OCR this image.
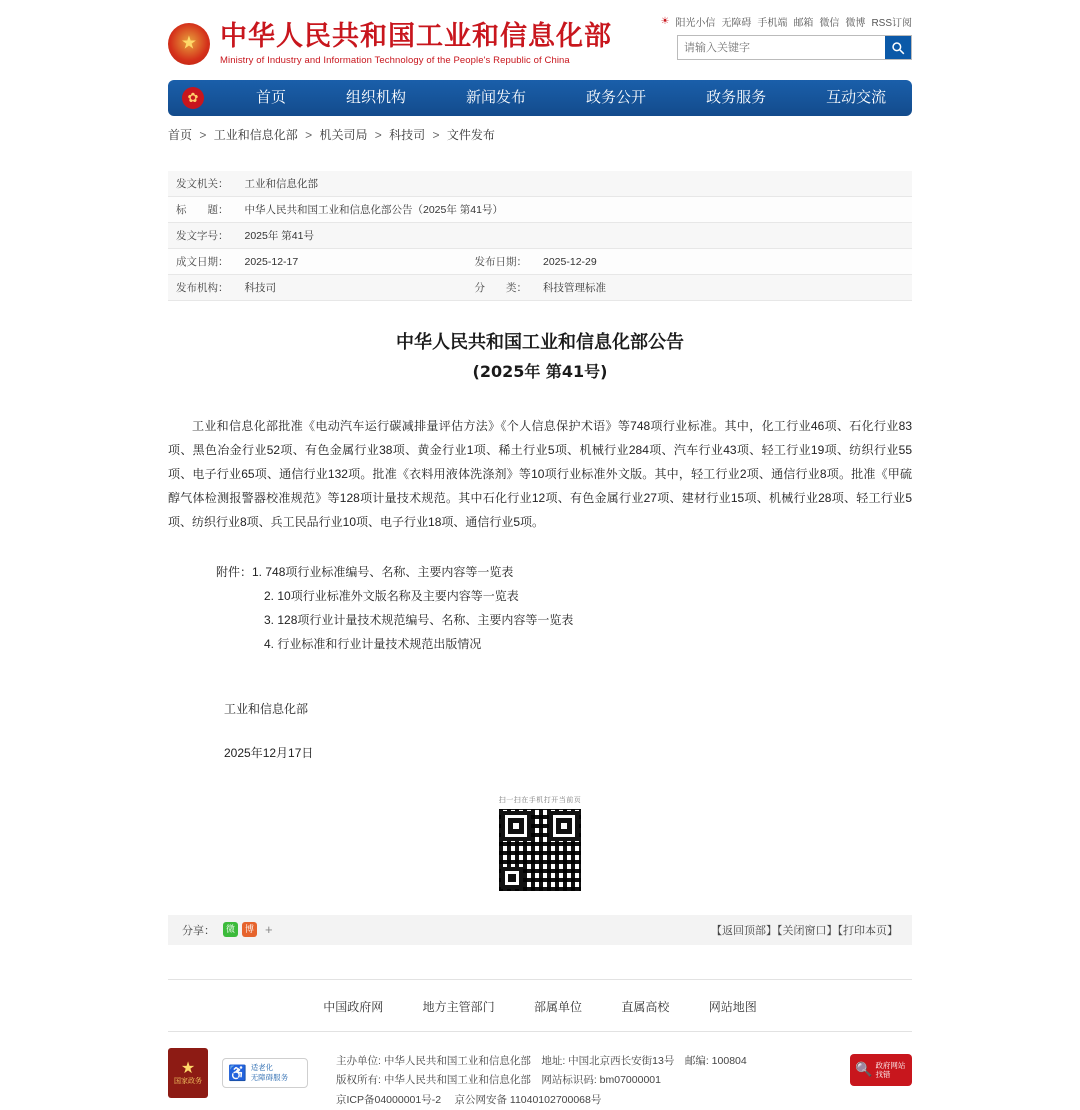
★
中华人民共和国工业和信息化部
Ministry of Industry and Information Technology of the People's Republic of China
☀ 阳光小信 无障碍 手机端 邮箱 微信 微博 RSS订阅
请输入关键字
✿	首页	组织机构	新闻发布	政务公开	政务服务	互动交流	工信数据
首页 > 工业和信息化部 > 机关司局 > 科技司 > 文件发布
发文机关：	工业和信息化部		
标　　题：	中华人民共和国工业和信息化部公告（2025年 第41号）		
发文字号：	2025年 第41号		
成文日期：	2025-12-17	发布日期：	2025-12-29
发布机构：	科技司	分　　类：	科技管理标准
中华人民共和国工业和信息化部公告
(2025年 第41号)

工业和信息化部批准《电动汽车运行碳减排量评估方法》《个人信息保护术语》等748项行业标准。其中，化工行业46项、石化行业83项、黑色冶金行业52项、有色金属行业38项、黄金行业1项、稀土行业5项、机械行业284项、汽车行业43项、轻工行业19项、纺织行业55项、电子行业65项、通信行业132项。批准《衣料用液体洗涤剂》等10项行业标准外文版。其中，轻工行业2项、通信行业8项。批准《甲硫醇气体检测报警器校准规范》等128项计量技术规范。其中石化行业12项、有色金属行业27项、建材行业15项、机械行业28项、轻工行业5项、纺织行业8项、兵工民品行业10项、电子行业18项、通信行业5项。

附件：1. 748项行业标准编号、名称、主要内容等一览表
2. 10项行业标准外文版名称及主要内容等一览表
3. 128项行业计量技术规范编号、名称、主要内容等一览表
4. 行业标准和行业计量技术规范出版情况
工业和信息化部
2025年12月17日
扫一扫在手机打开当前页
分享：	微	博 +	【返回顶部】【关闭窗口】【打印本页】
中国政府网	地方主管部门	部属单位	直属高校	网站地图
★
国家政务 ♿ 适老化
无障碍服务
主办单位: 中华人民共和国工业和信息化部　地址: 中国北京西长安街13号　邮编: 100804
版权所有: 中华人民共和国工业和信息化部　网站标识码: bm07000001
京ICP备04000001号-2　 京公网安备 11040102700068号
🔍 政府网站
找错
